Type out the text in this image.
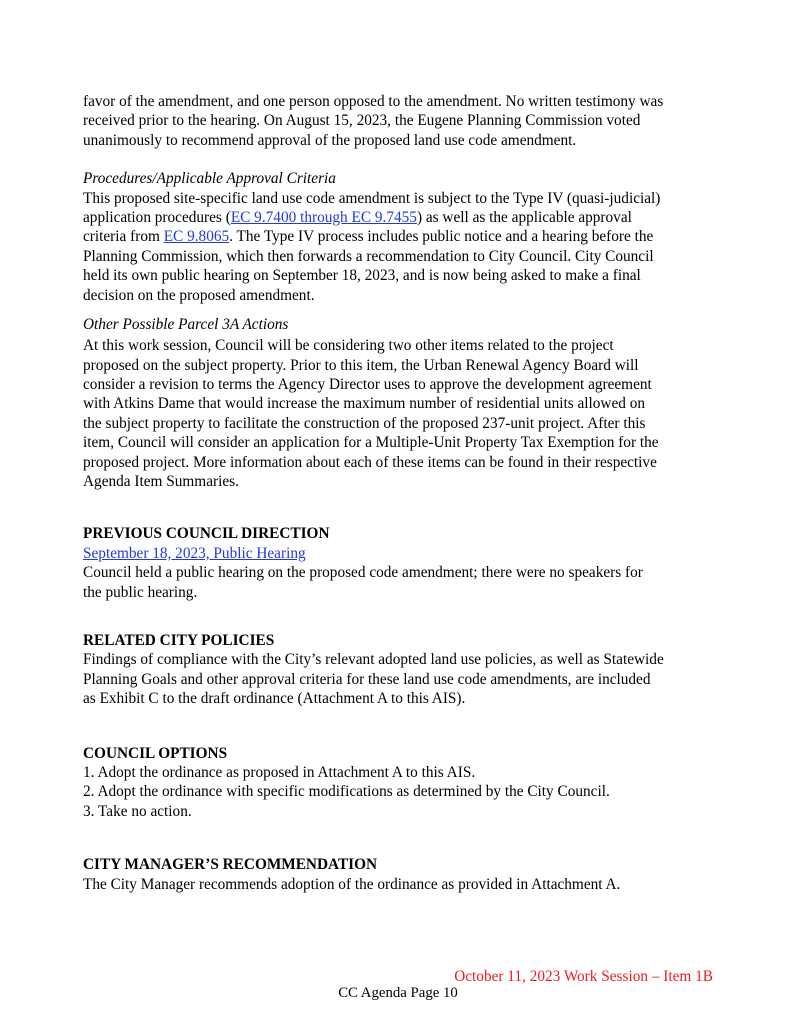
favor of the amendment, and one person opposed to the amendment. No written testimony was
received prior to the hearing. On August 15, 2023, the Eugene Planning Commission voted
unanimously to recommend approval of the proposed land use code amendment.
Procedures/Applicable Approval Criteria
This proposed site-specific land use code amendment is subject to the Type IV (quasi-judicial)
application procedures (EC 9.7400 through EC 9.7455) as well as the applicable approval
criteria from EC 9.8065. The Type IV process includes public notice and a hearing before the
Planning Commission, which then forwards a recommendation to City Council. City Council
held its own public hearing on September 18, 2023, and is now being asked to make a final
decision on the proposed amendment.
Other Possible Parcel 3A Actions
At this work session, Council will be considering two other items related to the project
proposed on the subject property. Prior to this item, the Urban Renewal Agency Board will
consider a revision to terms the Agency Director uses to approve the development agreement
with Atkins Dame that would increase the maximum number of residential units allowed on
the subject property to facilitate the construction of the proposed 237-unit project. After this
item, Council will consider an application for a Multiple-Unit Property Tax Exemption for the
proposed project. More information about each of these items can be found in their respective
Agenda Item Summaries.
PREVIOUS COUNCIL DIRECTION
September 18, 2023, Public Hearing
Council held a public hearing on the proposed code amendment; there were no speakers for
the public hearing.
RELATED CITY POLICIES
Findings of compliance with the City’s relevant adopted land use policies, as well as Statewide
Planning Goals and other approval criteria for these land use code amendments, are included
as Exhibit C to the draft ordinance (Attachment A to this AIS).
COUNCIL OPTIONS
1. Adopt the ordinance as proposed in Attachment A to this AIS.
2. Adopt the ordinance with specific modifications as determined by the City Council.
3. Take no action.
CITY MANAGER’S RECOMMENDATION
The City Manager recommends adoption of the ordinance as provided in Attachment A.
October 11, 2023 Work Session – Item 1B
CC Agenda Page 10
